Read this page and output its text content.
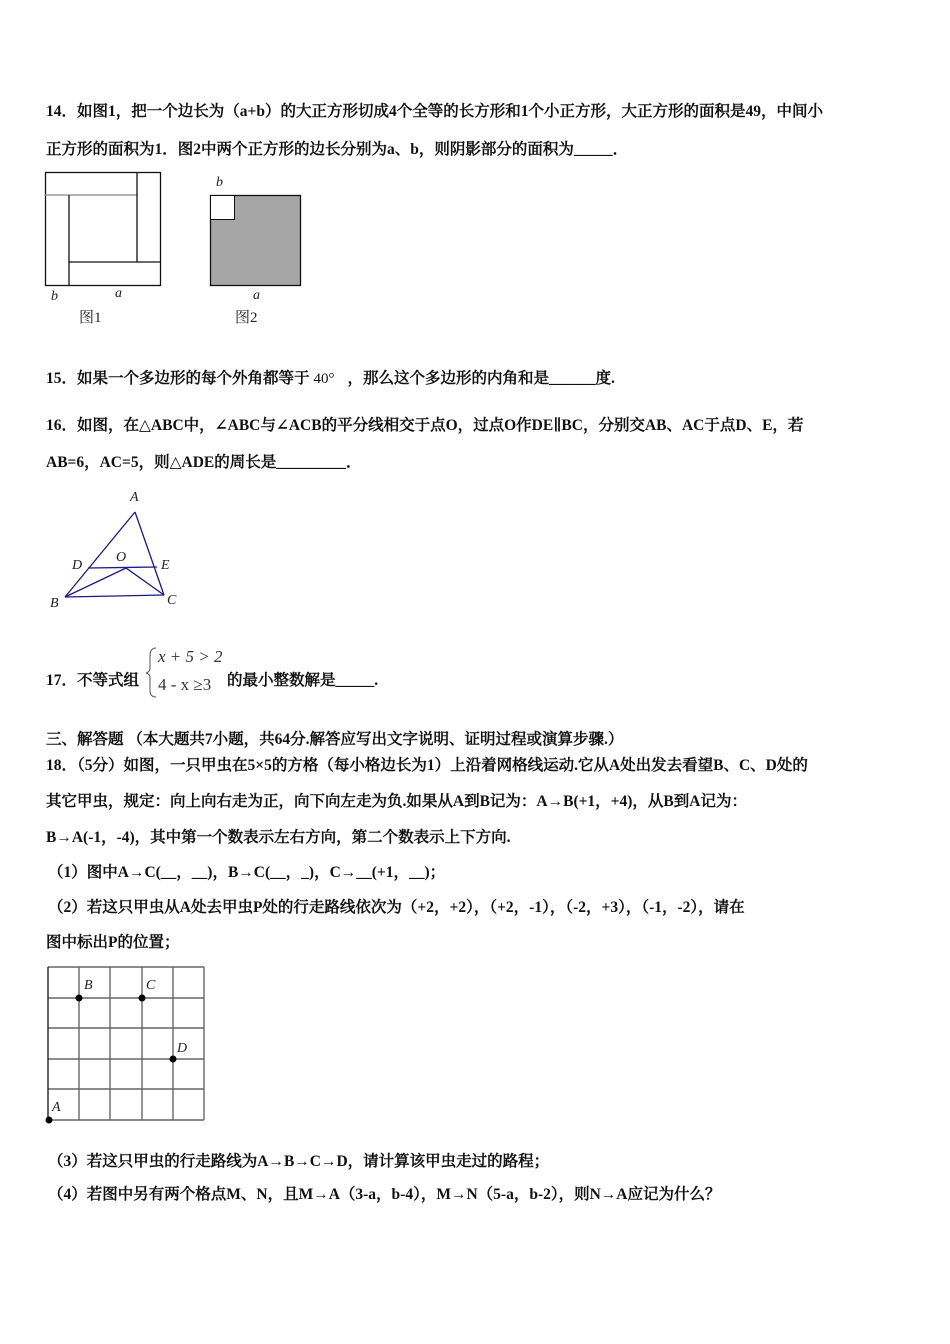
14．如图1，把一个边长为（a+b）的大正方形切成4个全等的长方形和1个小正方形，大正方形的面积是49，中间小
正方形的面积为1．图2中两个正方形的边长分别为a、b，则阴影部分的面积为_____．
b	a
图1
b
a
图2
15．如果一个多边形的每个外角都等于 40° ，那么这个多边形的内角和是______度.
16．如图，在△ABC中，∠ABC与∠ACB的平分线相交于点O，过点O作DE∥BC，分别交AB、AC于点D、E，若
AB=6，AC=5，则△ADE的周长是_________．
A
B	C
D	E
O
17．不等式组
x + 5 > 2
4 - x ≥3 的最小整数解是_____.
三、解答题 （本大题共7小题，共64分.解答应写出文字说明、证明过程或演算步骤.）
18．（5分）如图，一只甲虫在5×5的方格（每小格边长为1）上沿着网格线运动.它从A处出发去看望B、C、D处的
其它甲虫，规定：向上向右走为正，向下向左走为负.如果从A到B记为：A→B(+1，+4)，从B到A记为：
B→A(-1，-4)，其中第一个数表示左右方向，第二个数表示上下方向.
（1）图中A→C(__，__)，B→C(__，_)，C→__(+1，__)；
（2）若这只甲虫从A处去甲虫P处的行走路线依次为（+2，+2），（+2，-1），（-2，+3），（-1，-2），请在
图中标出P的位置；
A
B	C
D
（3）若这只甲虫的行走路线为A→B→C→D，请计算该甲虫走过的路程；
（4）若图中另有两个格点M、N，且M→A（3-a，b-4），M→N（5-a，b-2），则N→A应记为什么？
